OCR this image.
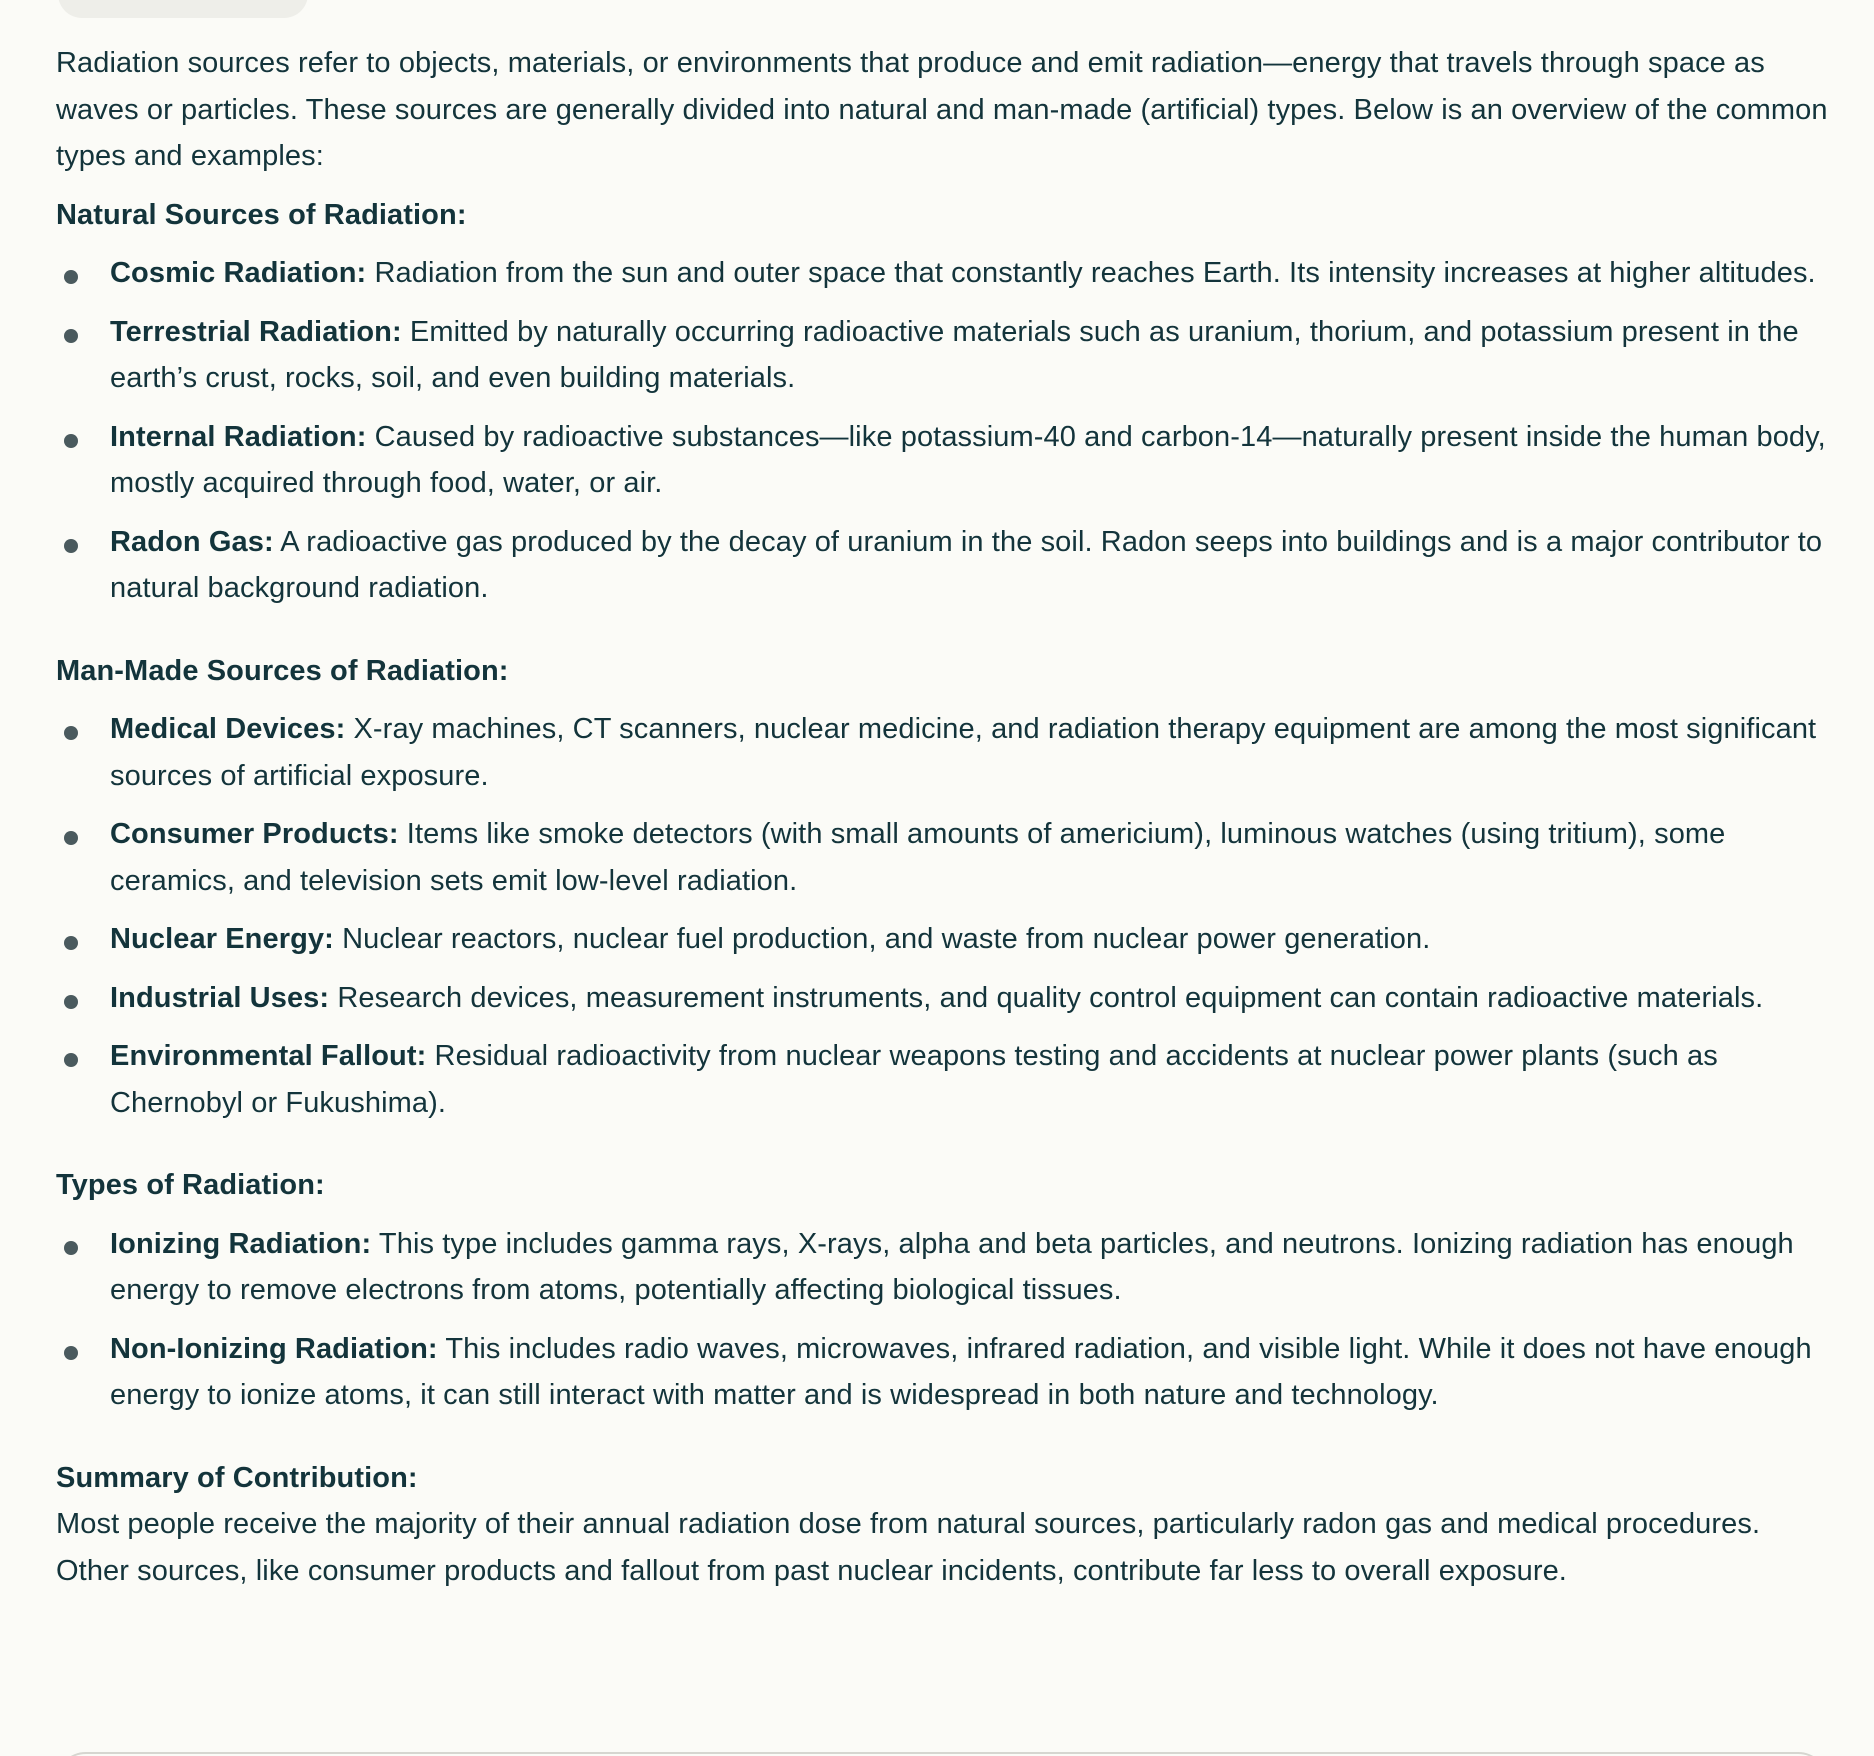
Radiation sources refer to objects, materials, or environments that produce and emit radiation—energy that travels through space as waves or particles. These sources are generally divided into natural and man-made (artificial) types. Below is an overview of the common types and examples:

Natural Sources of Radiation:
Cosmic Radiation: Radiation from the sun and outer space that constantly reaches Earth. Its intensity increases at higher altitudes.
Terrestrial Radiation: Emitted by naturally occurring radioactive materials such as uranium, thorium, and potassium present in the earth’s crust, rocks, soil, and even building materials.
Internal Radiation: Caused by radioactive substances—like potassium-40 and carbon-14—naturally present inside the human body, mostly acquired through food, water, or air.
Radon Gas: A radioactive gas produced by the decay of uranium in the soil. Radon seeps into buildings and is a major contributor to natural background radiation.
Man-Made Sources of Radiation:
Medical Devices: X-ray machines, CT scanners, nuclear medicine, and radiation therapy equipment are among the most significant sources of artificial exposure.
Consumer Products: Items like smoke detectors (with small amounts of americium), luminous watches (using tritium), some ceramics, and television sets emit low-level radiation.
Nuclear Energy: Nuclear reactors, nuclear fuel production, and waste from nuclear power generation.
Industrial Uses: Research devices, measurement instruments, and quality control equipment can contain radioactive materials.
Environmental Fallout: Residual radioactivity from nuclear weapons testing and accidents at nuclear power plants (such as Chernobyl or Fukushima).
Types of Radiation:
Ionizing Radiation: This type includes gamma rays, X-rays, alpha and beta particles, and neutrons. Ionizing radiation has enough energy to remove electrons from atoms, potentially affecting biological tissues.
Non-Ionizing Radiation: This includes radio waves, microwaves, infrared radiation, and visible light. While it does not have enough energy to ionize atoms, it can still interact with matter and is widespread in both nature and technology.
Summary of Contribution:

Most people receive the majority of their annual radiation dose from natural sources, particularly radon gas and medical procedures. Other sources, like consumer products and fallout from past nuclear incidents, contribute far less to overall exposure.
